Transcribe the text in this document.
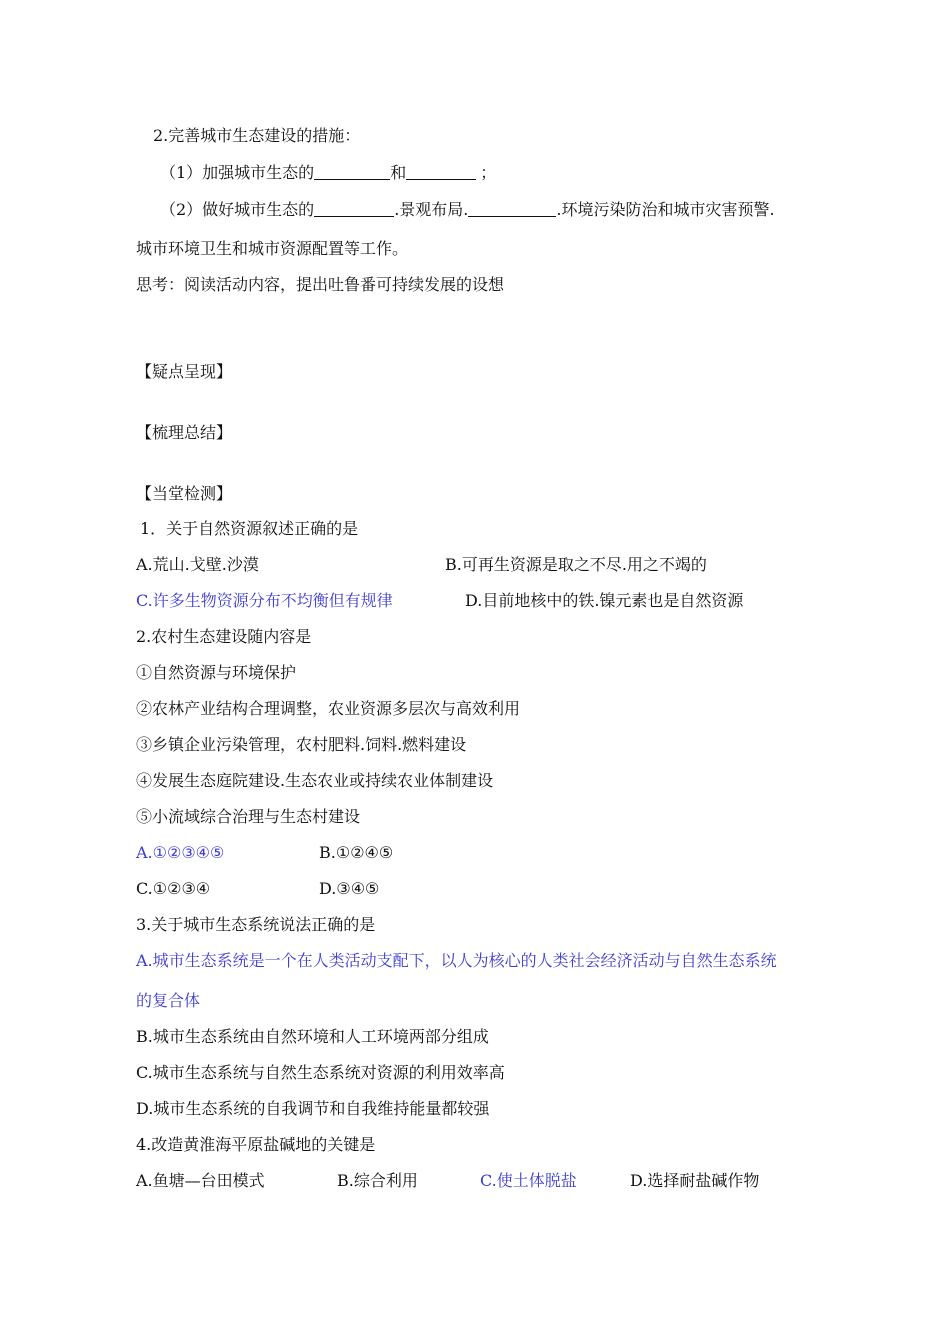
2.完善城市生态建设的措施：
（1）加强城市生态的	和	；
（2）做好城市生态的	.景观布局.	.环境污染防治和城市灾害预警.
城市环境卫生和城市资源配置等工作。
思考：阅读活动内容，提出吐鲁番可持续发展的设想
【疑点呈现】
【梳理总结】
【当堂检测】
1．关于自然资源叙述正确的是
A.荒山.戈壁.沙漠	B.可再生资源是取之不尽.用之不竭的
C.许多生物资源分布不均衡但有规律	D.目前地核中的铁.镍元素也是自然资源
2.农村生态建设随内容是
①自然资源与环境保护
②农林产业结构合理调整，农业资源多层次与高效利用
③乡镇企业污染管理，农村肥料.饲料.燃料建设
④发展生态庭院建设.生态农业或持续农业体制建设
⑤小流域综合治理与生态村建设
A.①②③④⑤	B.①②④⑤
C.①②③④	D.③④⑤
3.关于城市生态系统说法正确的是
A.城市生态系统是一个在人类活动支配下，以人为核心的人类社会经济活动与自然生态系统
的复合体
B.城市生态系统由自然环境和人工环境两部分组成
C.城市生态系统与自然生态系统对资源的利用效率高
D.城市生态系统的自我调节和自我维持能量都较强
4.改造黄淮海平原盐碱地的关键是
A.鱼塘—台田模式	B.综合利用	C.使土体脱盐	D.选择耐盐碱作物
